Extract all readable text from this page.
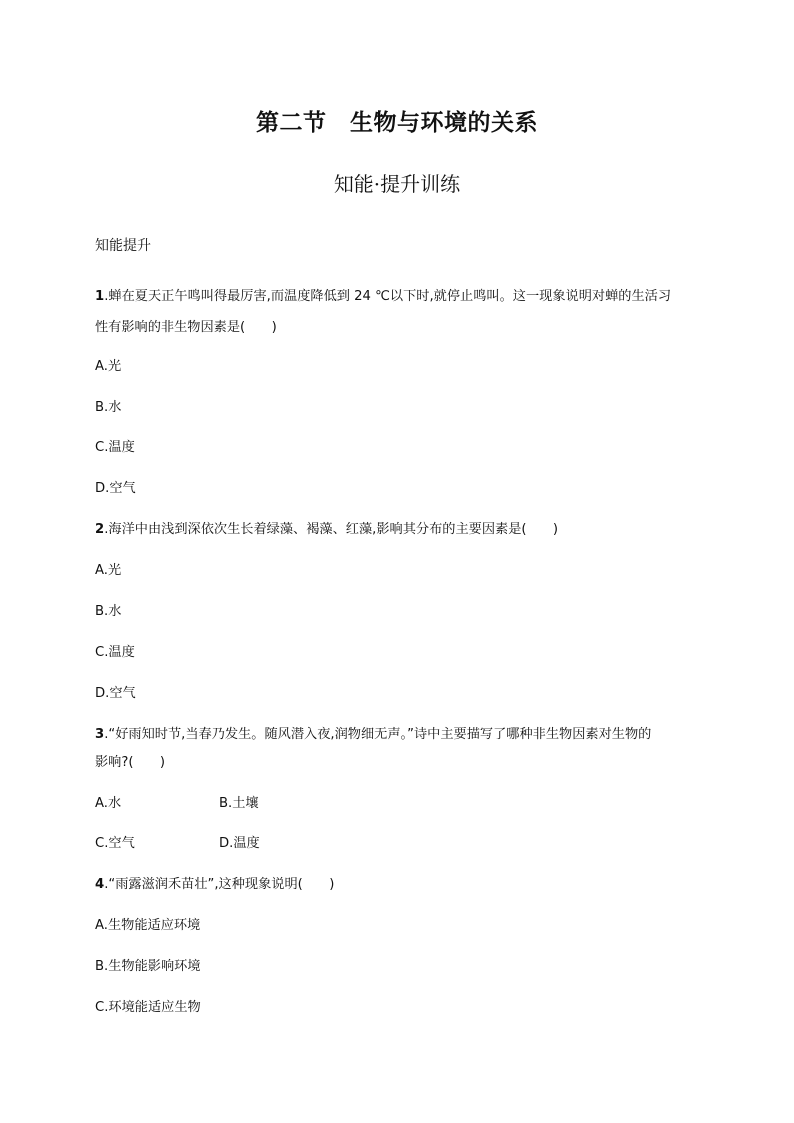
第二节　生物与环境的关系
知能·提升训练
知能提升
1.蝉在夏天正午鸣叫得最厉害,而温度降低到 24 ℃以下时,就停止鸣叫。这一现象说明对蝉的生活习
性有影响的非生物因素是(　　)
A.光
B.水
C.温度
D.空气
2.海洋中由浅到深依次生长着绿藻、褐藻、红藻,影响其分布的主要因素是(　　)
A.光
B.水
C.温度
D.空气
3.“好雨知时节,当春乃发生。随风潜入夜,润物细无声。”诗中主要描写了哪种非生物因素对生物的
影响?(　　)
A.水	B.土壤
C.空气	D.温度
4.“雨露滋润禾苗壮”,这种现象说明(　　)
A.生物能适应环境
B.生物能影响环境
C.环境能适应生物
